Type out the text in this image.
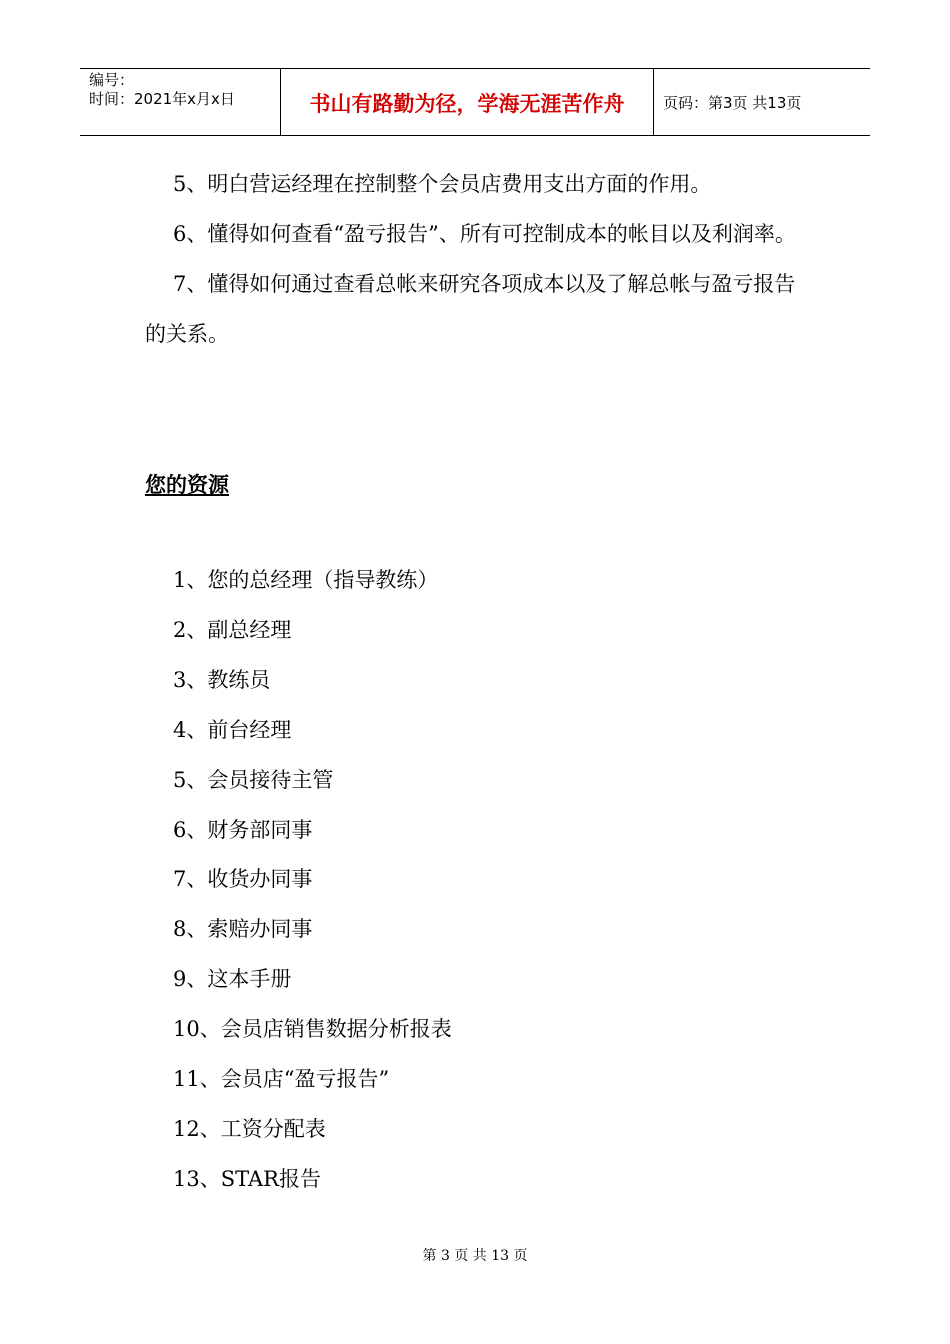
编号：
时间：2021年x月x日	书山有路勤为径，学海无涯苦作舟	页码：第3页 共13页

5、明白营运经理在控制整个会员店费用支出方面的作用。

6、懂得如何查看“盈亏报告”、所有可控制成本的帐目以及利润率。

7、懂得如何通过查看总帐来研究各项成本以及了解总帐与盈亏报告的关系。

您的资源
1、您的总经理（指导教练）
2、副总经理
3、教练员
4、前台经理
5、会员接待主管
6、财务部同事
7、收货办同事
8、索赔办同事
9、这本手册
10、会员店销售数据分析报表
11、会员店“盈亏报告”
12、工资分配表
13、STAR报告
第 3 页 共 13 页
